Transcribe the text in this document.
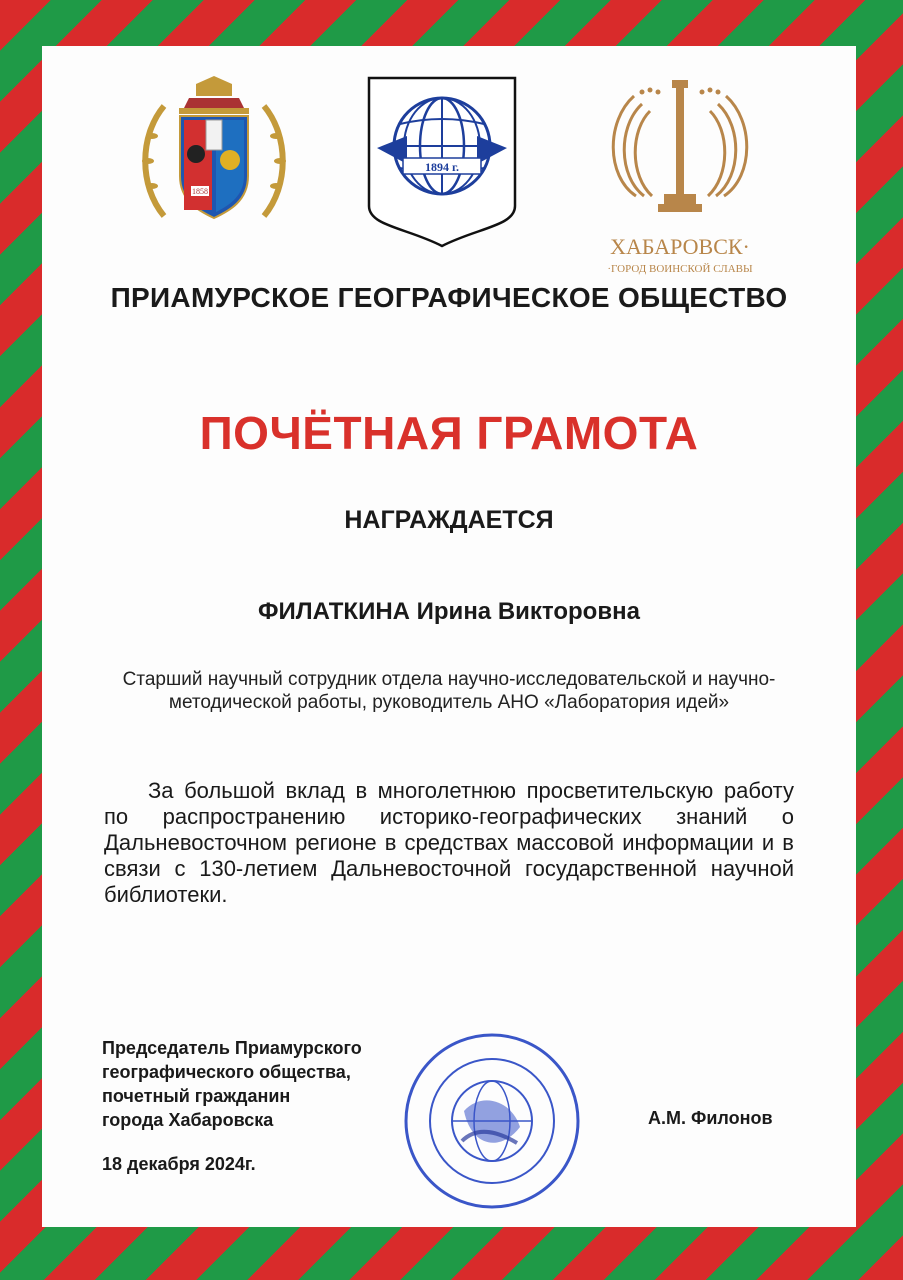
1858
1894 г.
ХАБАРОВСК·
·ГОРОД ВОИНСКОЙ СЛАВЫ
ПРИАМУРСКОЕ ГЕОГРАФИЧЕСКОЕ ОБЩЕСТВО
ПОЧЁТНАЯ ГРАМОТА
НАГРАЖДАЕТСЯ
ФИЛАТКИНА Ирина Викторовна
Старший научный сотрудник отдела научно-исследовательской и научно-методической работы, руководитель АНО «Лаборатория идей»
За большой вклад в многолетнюю просветительскую работу по распространению историко-географических знаний о Дальневосточном регионе в средствах массовой информации и в связи с 130-летием Дальневосточной государственной научной библиотеки.
Председатель Приамурского
географического общества,
почетный гражданин
города Хабаровска
18 декабря 2024г.
А.М. Филонов
